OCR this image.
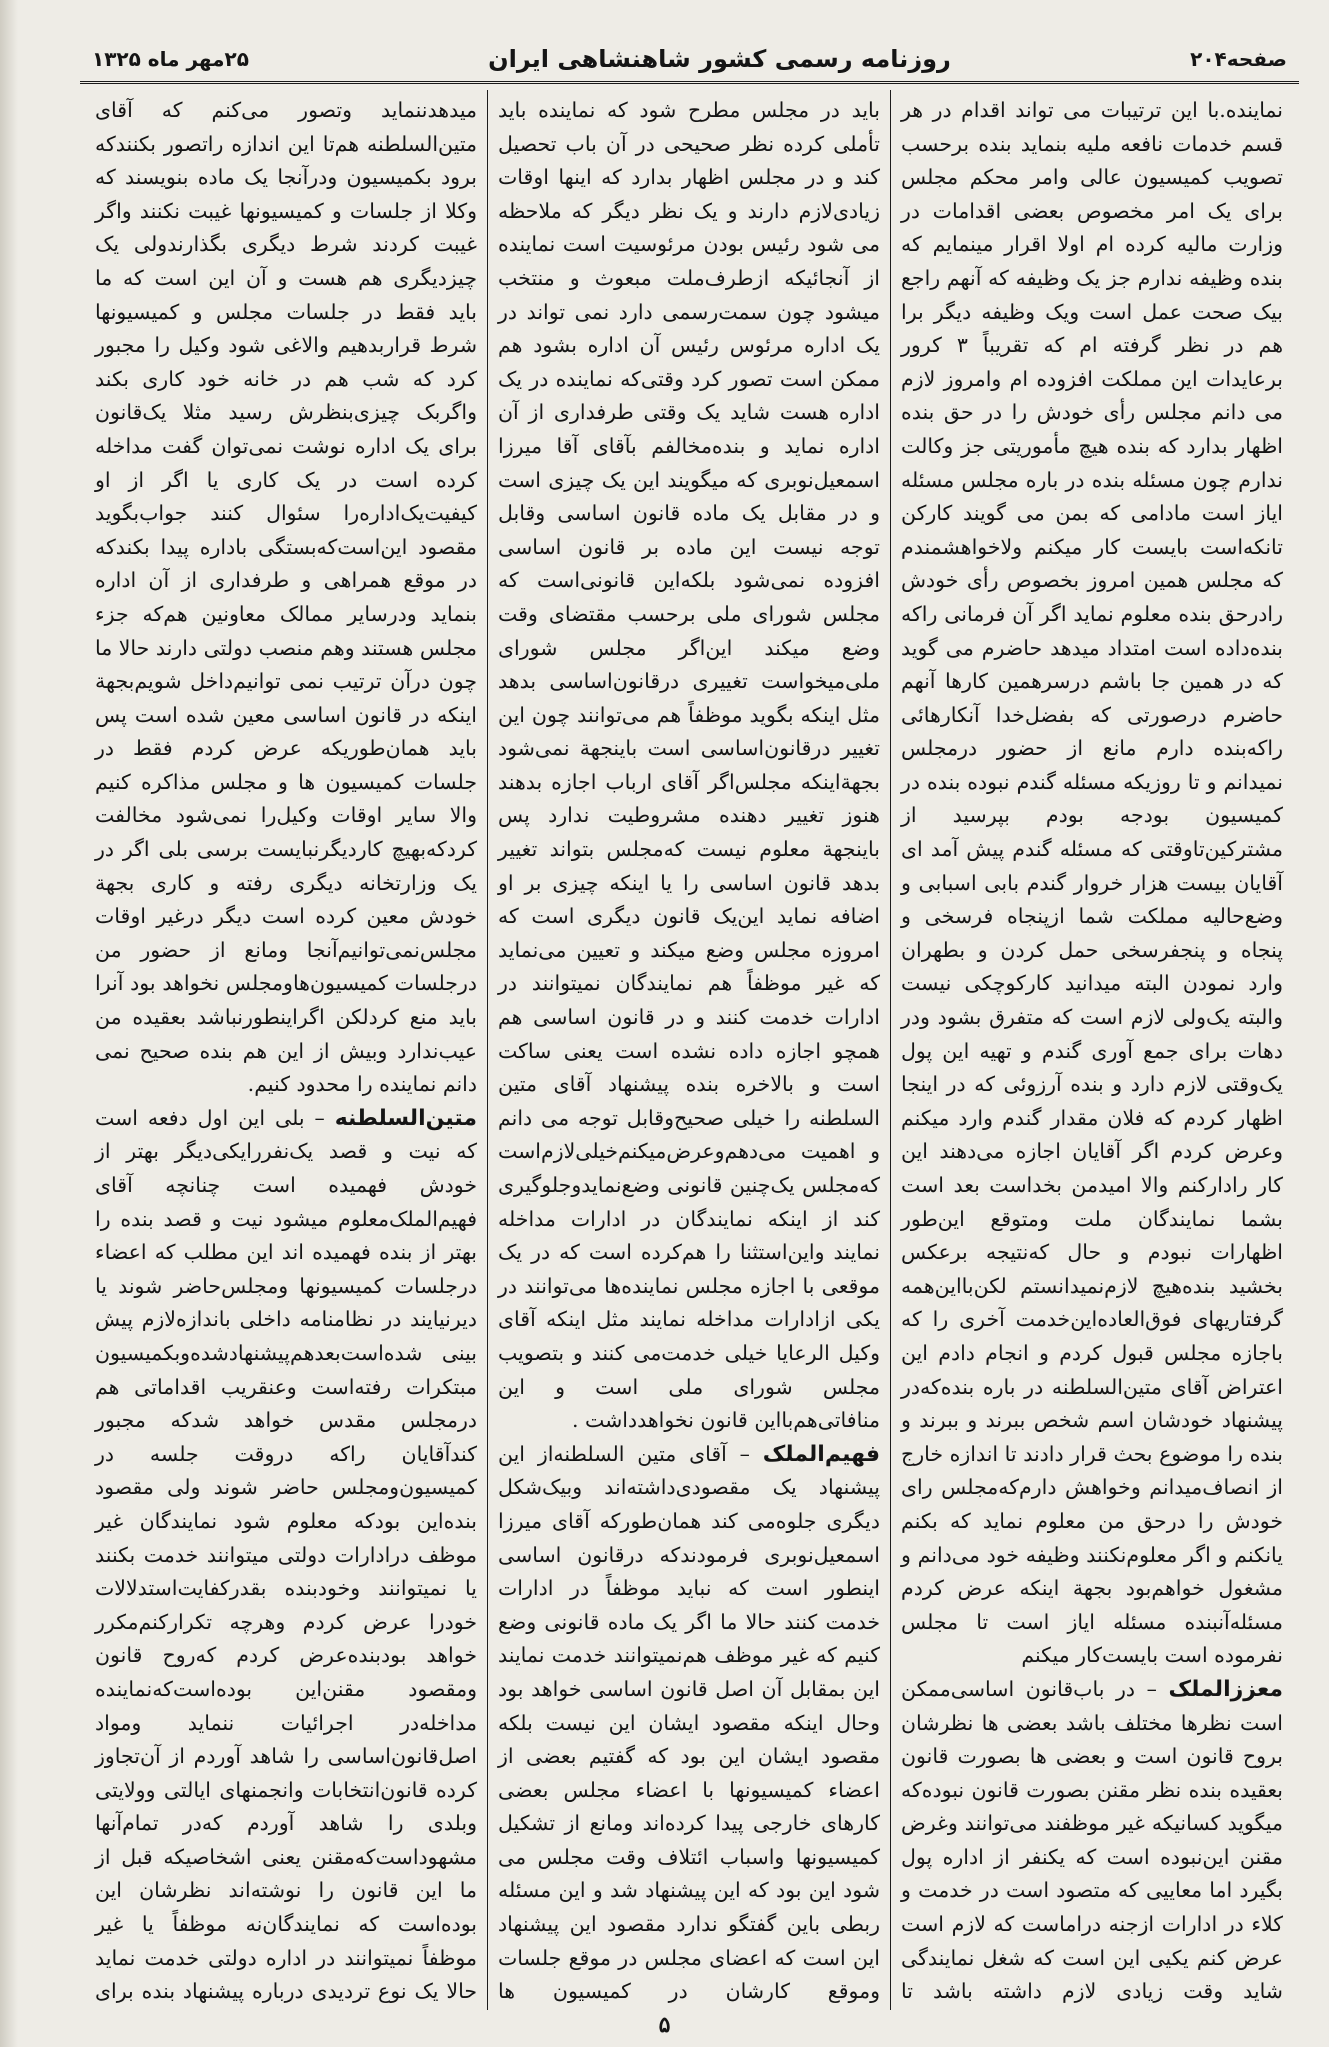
صفحه۲۰۴
روزنامه رسمی کشور شاهنشاهی ایران
۲۵مهر ماه ۱۳۲۵

نماینده.با این ترتیبات می تواند اقدام در هر قسم خدمات نافعه ملیه بنماید بنده برحسب تصویب کمیسیون عالی وامر محکم مجلس برای یک امر مخصوص بعضی اقدامات در وزارت مالیه کرده ام اولا اقرار مینمایم که بنده وظیفه ندارم جز یک وظیفه که آنهم راجع بیک صحت عمل است ویک وظیفه دیگر برا هم در نظر گرفته ام که تقریباً ۳ کرور برعایدات این مملکت افزوده ام وامروز لازم می دانم مجلس رأی خودش را در حق بنده اظهار بدارد که بنده هیچ مأموریتی جز وکالت ندارم چون مسئله بنده در باره مجلس مسئله ایاز است مادامی که بمن می گویند کارکن تانکه‌است بایست کار میکنم ولاخواهشمندم که مجلس همین امروز بخصوص رأی خودش رادرحق بنده معلوم نماید اگر آن فرمانی راکه بنده‌داده است امتداد میدهد حاضرم می گوید که در همین جا باشم درسرهمین کارها آنهم حاضرم درصورتی که بفضل‌خدا آنکارهائی راکه‌بنده دارم مانع از حضور درمجلس نمیدانم و تا روزیکه مسئله گندم نبوده بنده در کمیسیون بودجه بودم بپرسید از مشترکین‌تاوقتی که مسئله گندم پیش آمد ای آقایان بیست هزار خروار گندم بابی اسبابی و وضع‌حالیه مملکت شما ازپنجاه فرسخی و پنجاه و پنجفرسخی حمل کردن و بطهران وارد نمودن البته میدانید کارکوچکی نیست والبته یک‌ولی لازم است که متفرق بشود ودر دهات برای جمع آوری گندم و تهیه این پول یک‌وقتی لازم دارد و بنده آرزوئی که در اینجا اظهار کردم که فلان مقدار گندم وارد میکنم وعرض کردم اگر آقایان اجازه می‌دهند این کار رادارکنم والا امیدمن بخداست بعد است بشما نمایندگان ملت ومتوقع این‌طور اظهارات نبودم و حال که‌نتیجه برعکس بخشید بنده‌هیچ لازم‌نمیدانستم لکن‌بااین‌همه گرفتاریهای فوق‌العاده‌این‌خدمت آخری را که باجازه مجلس قبول کردم و انجام دادم این اعتراض آقای متین‌السلطنه در باره بنده‌که‌در پیشنهاد خودشان اسم شخص ببرند و ببرند و بنده را موضوع بحث قرار دادند تا اندازه خارج از انصاف‌میدانم وخواهش دارم‌که‌مجلس رای خودش را در‌حق من معلوم نماید که بکنم یانکنم و اگر معلوم‌نکنند وظیفه خود می‌دانم و مشغول خواهم‌بود بجهة اینکه عرض کردم مسئله‌آنبنده مسئله ایاز است تا مجلس نفرموده است بایست‌کار میکنم

معزز‌الملک – در باب‌قانون اساسی‌ممکن است نظرها مختلف باشد بعضی ها نظرشان بروح قانون است و بعضی ها بصورت قانون بعقیده بنده نظر مقنن بصورت قانون نبوده‌که میگوید کسانیکه غیر موظفند می‌توانند وغرض مقنن این‌نبوده است که یکنفر از اداره پول بگیرد اما معاییی که متصود است در خدمت و کلاء در ادارات ازجنه دراماست که لازم است عرض کنم یکیی این است که شغل نمایندگی شاید وقت زیادی لازم داشته باشد تا

باید در مجلس مطرح شود که نماینده باید تأملی کرده نظر صحیحی در آن باب تحصیل کند و در مجلس اظهار بدارد که اینها اوقات زیادی‌لازم دارند و یک نظر دیگر که ملاحظه می شود رئیس بودن مرئوسیت است نماینده از آنجائیکه ازطرف‌ملت مبعوث و منتخب میشود چون سمت‌رسمی دارد نمی تواند در یک اداره مرئوس رئیس آن اداره بشود هم ممکن است تصور کرد وقتی‌که نماینده در یک اداره هست شاید یک وقتی طرفداری از آن اداره نماید و بنده‌مخالفم بآقای آقا میرزا اسمعیل‌نوبری که میگویند این یک چیزی است و در مقابل یک ماده قانون اساسی وقابل توجه نیست این ماده بر قانون اساسی افزوده نمی‌شود بلکه‌این قانونی‌است که مجلس شورای ملی برحسب مقتضای وقت وضع میکند این‌اگر مجلس شورای ملی‌میخواست تغییری درقانون‌اساسی بدهد مثل اینکه بگوید موظفاً هم می‌توانند چون این تغییر درقانون‌اساسی است باینجهة نمی‌شود بجهةاینکه مجلس‌اگر آقای ارباب اجازه بدهند هنوز تغییر دهنده مشروطیت ندارد پس باینجهة معلوم نیست که‌مجلس بتواند تغییر بدهد قانون اساسی را یا اینکه چیزی بر او اضافه نماید این‌یک قانون دیگری است که امروزه مجلس وضع میکند و تعیین می‌نماید که غیر موظفاً هم نمایندگان نمیتوانند در ادارات خدمت کنند و در قانون اساسی هم همچو اجازه داده نشده است یعنی ساکت است و بالاخره بنده پیشنهاد آقای متین السلطنه را خیلی صحیح‌وقابل توجه می دانم و اهمیت می‌دهم‌وعرض‌میکنم‌خیلی‌لازم‌است کەمجلس یک‌چنین قانونی وضع‌نماید‌وجلو‌گیری کند از اینکه نمایندگان در ادارات مداخله نمایند واین‌استثنا را هم‌کرده است که در یک موقعی با اجازه مجلس نماینده‌ها می‌توانند در یکی ازادارات مداخله نمایند مثل اینکه آقای وکیل الرعایا خیلی خدمت‌می کنند و بتصویب مجلس شورای ملی است و این منافاتی‌هم‌بااین قانون نخواهدداشت .

فهیم‌الملک – آقای متین السلطنه‌از این پیشنهاد یک مقصودی‌داشته‌اند وبیک‌شکل دیگری جلوه‌می کند همان‌طور‌که آقای میرزا اسمعیل‌نوبری فرمودند‌که درقانون اساسی اینطور است که نباید موظفاً در ادارات خدمت کنند حالا ما اگر یک ماده قانونی وضع کنیم که غیر موظف هم‌نمیتوانند خدمت نمایند این بمقابل آن اصل قانون اساسی خواهد بود وحال اینکه مقصود ایشان این نیست بلکه مقصود ایشان این بود که گفتیم بعضی از اعضاء کمیسیونها با اعضاء مجلس بعضی کارهای خارجی پیدا کرده‌اند ومانع از تشکیل کمیسیونها واسباب ائتلاف وقت مجلس می شود این بود که این پیشنهاد شد و این مسئله ربطی باین گفتگو ندارد مقصود این پیشنهاد این است که اعضای مجلس در موقع جلسات وموقع کارشان در کمیسیون ها

میدهد‌ننماید وتصور می‌کنم که آقای متین‌السلطنه هم‌تا این اندازه را‌تصور بکنند‌که برود بکمیسیون ودر‌آنجا یک ماده بنویسند که وکلا از جلسات و کمیسیونها غیبت نکنند واگر غیبت کردند شرط دیگری بگذارند‌ولی یک چیزدیگری هم هست و آن این است که ما باید فقط در جلسات مجلس و کمیسیونها شرط قراربدهیم والاغی شود وکیل را مجبور کرد که شب هم در خانه خود کاری بکند واگربک چیزی‌بنظرش رسید مثلا یک‌قانون برای یک اداره نوشت نمی‌توان گفت مداخله کرده است در یک کاری یا اگر از او کیفیت‌یک‌اداره‌را سئوال کنند جواب‌بگوید مقصود این‌است‌که‌بستگی باداره پیدا بکند‌که در موقع همراهی و طرفداری از آن اداره بنماید ودرسایر ممالک معاونین هم‌که جزء مجلس هستند وهم منصب دولتی دارند حالا ما چون در‌آن ترتیب نمی توانیم‌داخل شویم‌بجهة اینکه در قانون اساسی معین شده است پس باید همان‌طور‌یکه عرض کردم فقط در جلسات کمیسیون ها و مجلس مذاکره کنیم والا سایر اوقات وکیل‌را نمی‌شود مخالفت کرد‌که‌بهیچ کاردیگر‌نبایست برسی بلی اگر در یک وزارتخانه دیگری رفته و کاری بجهة خودش معین کرده است دیگر در‌غیر اوقات مجلس‌نمی‌توانیم‌آنجا ومانع از حضور من درجلسات کمیسیون‌ها‌ومجلس نخواهد بود آنرا باید منع کرد‌لکن اگراینطور‌نباشد بعقیده من عیب‌ندارد وبیش از این هم بنده صحیح نمی دانم نماینده را محدود کنیم.

متین‌السلطنه – بلی این اول دفعه است که نیت و قصد یک‌نفر‌را‌یکی‌دیگر بهتر از خودش فهمیده است چنانچه آقای فهیم‌الملک‌معلوم میشود نیت و قصد بنده را بهتر از بنده فهمیده اند این مطلب که اعضاء درجلسات کمیسیونها ومجلس‌حاضر شوند یا دیرنیایند در نظامنامه داخلی باندازه‌لازم پیش بینی شده‌است‌بعدهم‌پیشنهاد‌شده‌و‌بکمیسیون مبتکرات رفته‌است وعنقریب اقداماتی هم درمجلس مقدس خواهد شدکه مجبور کند‌آقایان راکه دروقت جلسه در کمیسیون‌ومجلس حاضر شوند ولی مقصود بنده‌این بودکه معلوم شود نمایندگان غیر موظف درادارات دولتی میتوانند خدمت بکنند یا نمیتوانند وخود‌بنده بقدر‌کفایت‌استدلالات خود‌را عرض کردم وهرچه تکرار‌کنم‌مکرر خواهد بود‌بنده‌عرض کردم کەروح قانون ومقصود مقنن‌این بوده‌است‌کەنماینده مداخله‌در اجرائیات ننماید ومواد اصل‌قانون‌اساسی را شاهد آوردم از آن‌تجاوز کرده قانون‌انتخابات وانجمنهای ایالتی وولایتی وبلدی را شاهد آوردم کەدر تمام‌آنها مشهود‌است‌کەمقنن یعنی اشخاصیکه قبل از ما این قانون را نوشته‌اند نظرشان این بوده‌است که نمایندگان‌نه موظفاً یا غیر موظفاً نمیتوانند در اداره دولتی خدمت نماید حالا یک نوع تردیدی درباره پیشنهاد بنده برای

۵
